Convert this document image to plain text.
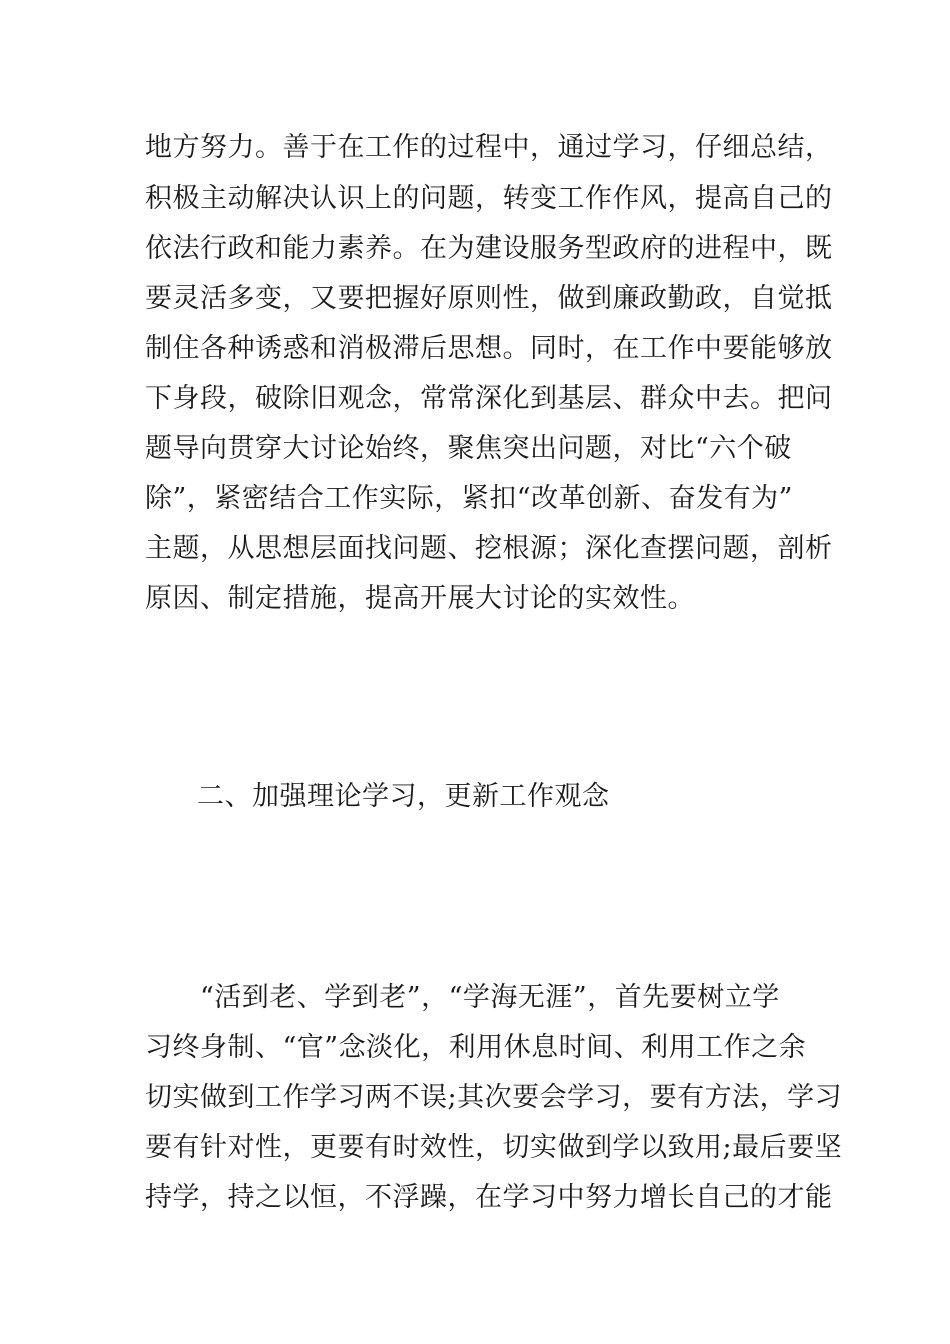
地方努力。善于在工作的过程中，通过学习，仔细总结，
积极主动解决认识上的问题，转变工作作风，提高自己的
依法行政和能力素养。在为建设服务型政府的进程中，既
要灵活多变，又要把握好原则性，做到廉政勤政，自觉抵
制住各种诱惑和消极滞后思想。同时，在工作中要能够放
下身段，破除旧观念，常常深化到基层、群众中去。把问
题导向贯穿大讨论始终，聚焦突出问题，对比“六个破
除”，紧密结合工作实际，紧扣“改革创新、奋发有为”
主题，从思想层面找问题、挖根源；深化查摆问题，剖析
原因、制定措施，提高开展大讨论的实效性。
二、加强理论学习，更新工作观念
“活到老、学到老”，“学海无涯”，首先要树立学
习终身制、“官”念淡化，利用休息时间、利用工作之余
切实做到工作学习两不误;其次要会学习，要有方法，学习
要有针对性，更要有时效性，切实做到学以致用;最后要坚
持学，持之以恒，不浮躁，在学习中努力增长自己的才能
